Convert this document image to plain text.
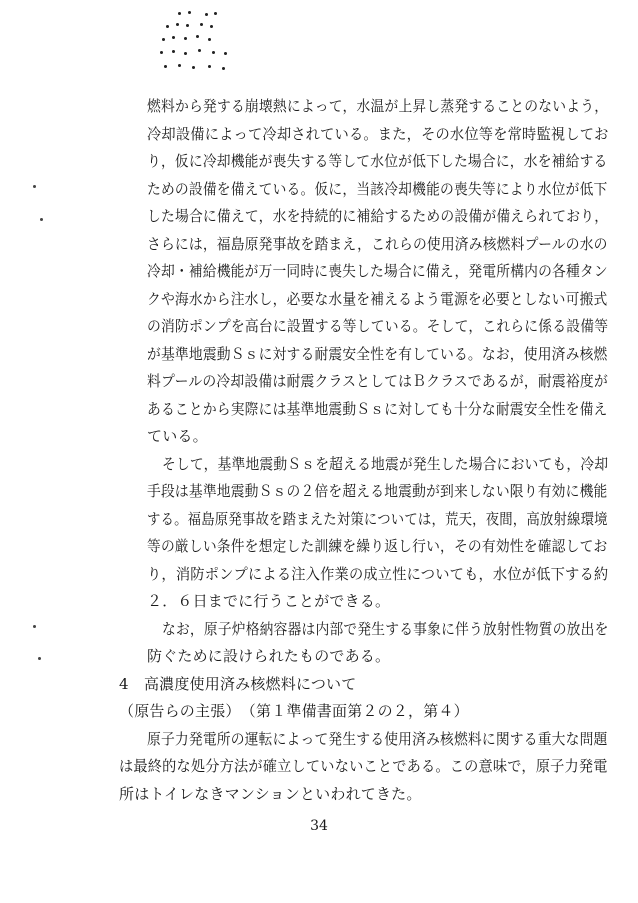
燃料から発する崩壊熱によって，水温が上昇し蒸発することのないよう，
冷却設備によって冷却されている。また，その水位等を常時監視してお
り，仮に冷却機能が喪失する等して水位が低下した場合に，水を補給する
ための設備を備えている。仮に，当該冷却機能の喪失等により水位が低下
した場合に備えて，水を持続的に補給するための設備が備えられており，
さらには，福島原発事故を踏まえ，これらの使用済み核燃料プールの水の
冷却・補給機能が万一同時に喪失した場合に備え，発電所構内の各種タン
クや海水から注水し，必要な水量を補えるよう電源を必要としない可搬式
の消防ポンプを高台に設置する等している。そして，これらに係る設備等
が基準地震動Ｓｓに対する耐震安全性を有している。なお，使用済み核燃
料プールの冷却設備は耐震クラスとしてはＢクラスであるが，耐震裕度が
あることから実際には基準地震動Ｓｓに対しても十分な耐震安全性を備え
ている。
そして，基準地震動Ｓｓを超える地震が発生した場合においても，冷却
手段は基準地震動Ｓｓの２倍を超える地震動が到来しない限り有効に機能
する。福島原発事故を踏まえた対策については，荒天，夜間，高放射線環境
等の厳しい条件を想定した訓練を繰り返し行い，その有効性を確認してお
り，消防ポンプによる注入作業の成立性についても，水位が低下する約
２．６日までに行うことができる。
なお，原子炉格納容器は内部で発生する事象に伴う放射性物質の放出を
防ぐために設けられたものである。
4　高濃度使用済み核燃料について
（原告らの主張）　（第１準備書面第２の２，第４）
原子力発電所の運転によって発生する使用済み核燃料に関する重大な問題
は最終的な処分方法が確立していないことである。この意味で，原子力発電
所はトイレなきマンションといわれてきた。
34
